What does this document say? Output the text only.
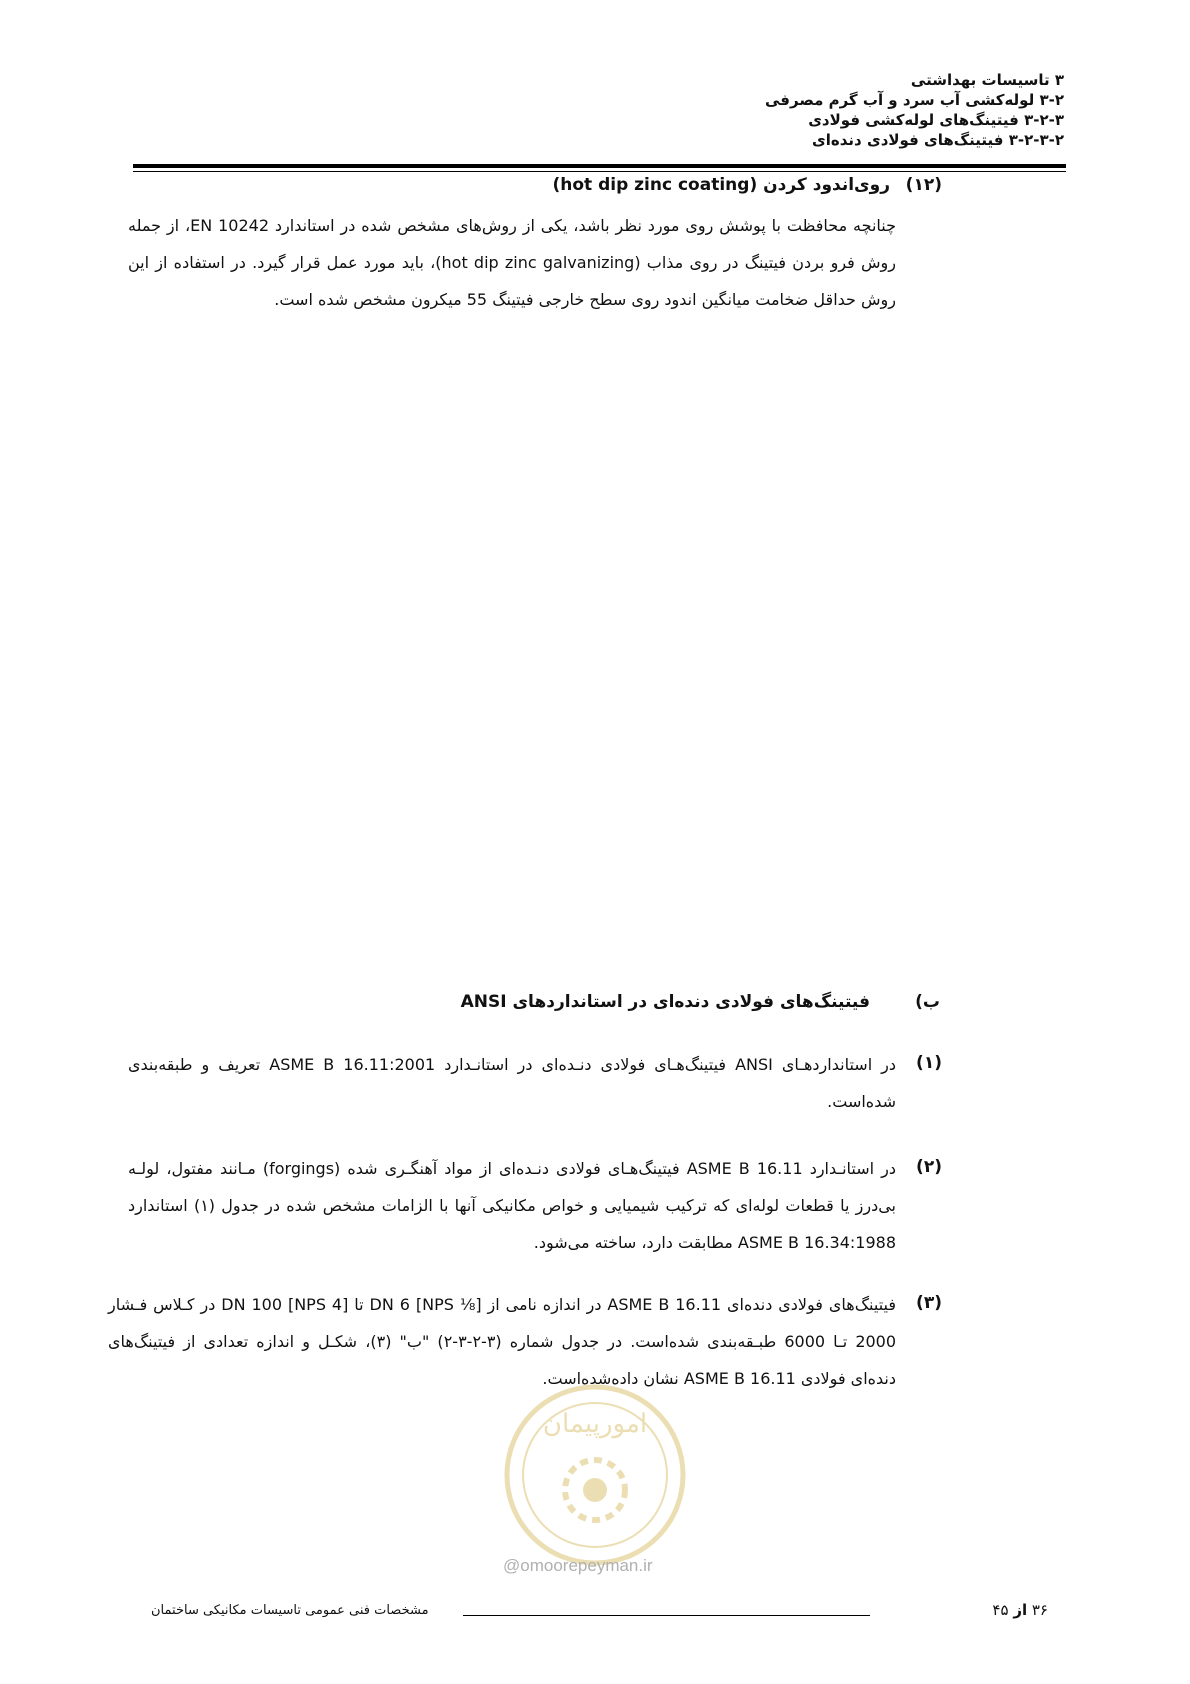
۳ تاسیسات بهداشتی
۳-۲ لوله‌کشی آب سرد و آب گرم مصرفی
۳-۲-۳ فیتینگ‌های لوله‌کشی فولادی
۳-۲-۳-۲ فیتینگ‌های فولادی دنده‌ای
(۱۲)
روی‌اندود کردن (hot dip zinc coating)
چنانچه محافظت با پوشش روی مورد نظر باشد، یکی از روش‌های مشخص شده در استاندارد EN 10242، از جمله روش فرو بردن فیتینگ در روی مذاب (hot dip zinc galvanizing)، باید مورد عمل قرار گیرد. در استفاده از این روش حداقل ضخامت میانگین اندود روی سطح خارجی فیتینگ 55 میکرون مشخص شده است.
ب)
فیتینگ‌های فولادی دنده‌ای در استانداردهای ANSI
(۱)
در استانداردهـای ANSI فیتینگ‌هـای فولادی دنـده‌ای در استانـدارد ASME B 16.11:2001 تعریف و طبقه‌بندی شده‌است.
(۲)
در استانـدارد ASME B 16.11 فیتینگ‌هـای فولادی دنـده‌ای از مواد آهنگـری شده (forgings) مـانند مفتول، لولـه بی‌درز یا قطعات لوله‌ای که ترکیب شیمیایی و خواص مکانیکی آنها با الزامات مشخص شده در جدول (۱) استاندارد ASME B 16.34:1988 مطابقت دارد، ساخته می‌شود.
(۳)
فیتینگ‌های فولادی دنده‌ای ASME B 16.11 در اندازه نامی از DN 6 [NPS ⅛] تا DN 100 [NPS 4] در کـلاس فـشار 2000 تـا 6000 طبـقه‌بندی شده‌است. در جدول شماره (۳-۲-۳-۲) "ب" (۳)، شکـل و اندازه تعدادی از فیتینگ‌های دنده‌ای فولادی ASME B 16.11 نشان داده‌شده‌است.
امورپیمان
@omoorepeyman.ir
مشخصات فنی عمومی تاسیسات مکانیکی ساختمان	۳۶ از ۴۵
